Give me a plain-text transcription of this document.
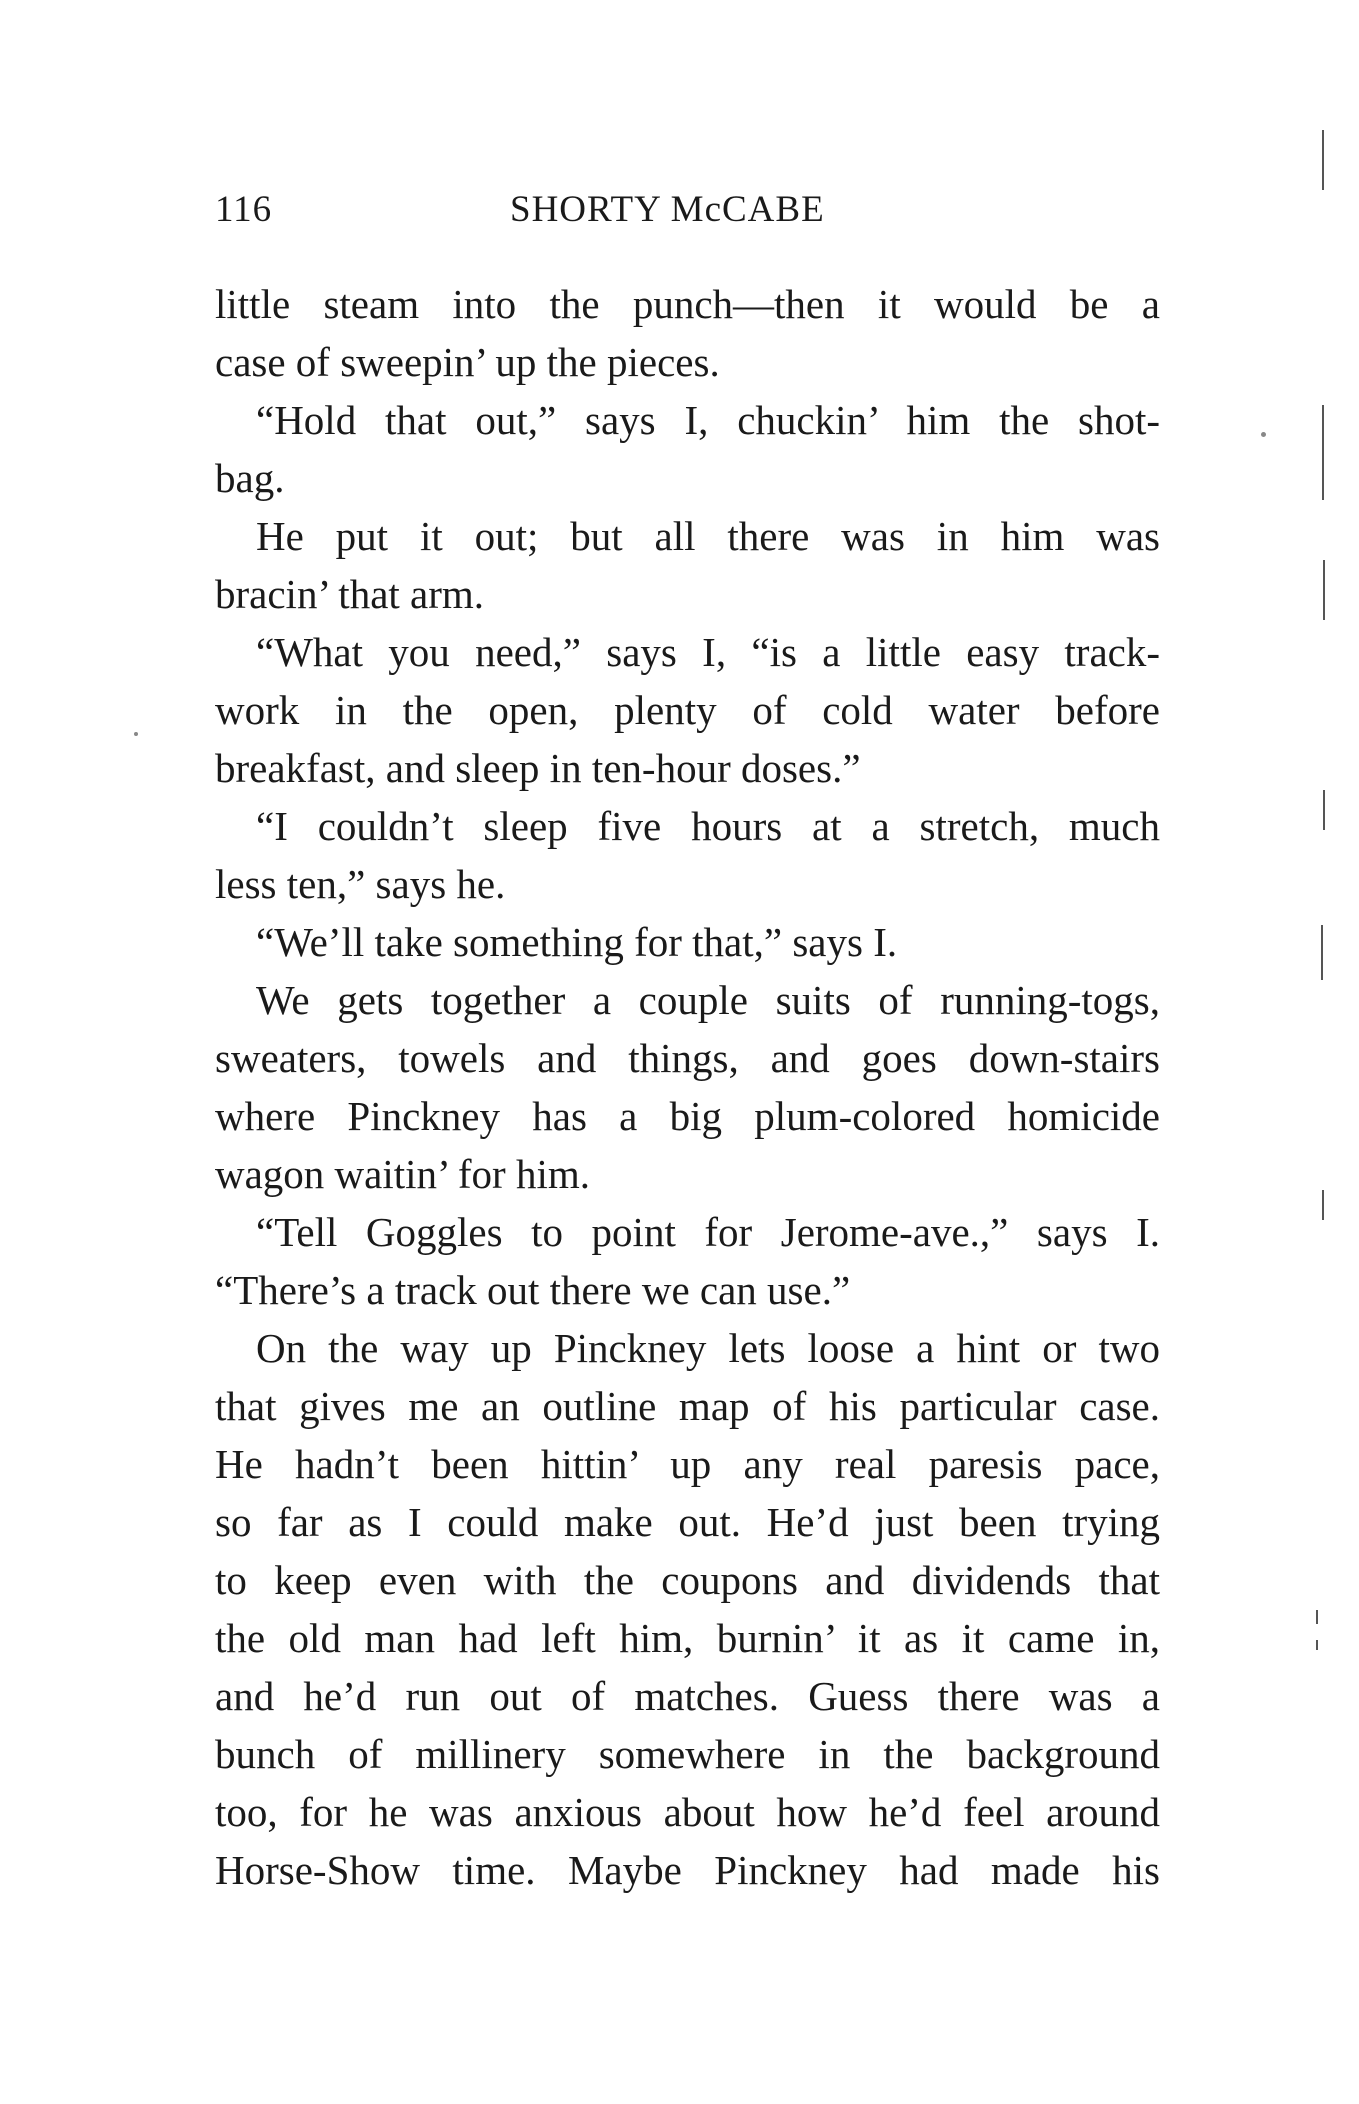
116	SHORTY McCABE
little steam into the punch—then it would be a
case of sweepin’ up the pieces.
“Hold that out,” says I, chuckin’ him the shot-
bag.
He put it out; but all there was in him was
bracin’ that arm.
“What you need,” says I, “is a little easy track-
work in the open, plenty of cold water before
breakfast, and sleep in ten-hour doses.”
“I couldn’t sleep five hours at a stretch, much
less ten,” says he.
“We’ll take something for that,” says I.
We gets together a couple suits of running-togs,
sweaters, towels and things, and goes down-stairs
where Pinckney has a big plum-colored homicide
wagon waitin’ for him.
“Tell Goggles to point for Jerome-ave.,” says I.
“There’s a track out there we can use.”
On the way up Pinckney lets loose a hint or two
that gives me an outline map of his particular case.
He hadn’t been hittin’ up any real paresis pace,
so far as I could make out. He’d just been trying
to keep even with the coupons and dividends that
the old man had left him, burnin’ it as it came in,
and he’d run out of matches. Guess there was a
bunch of millinery somewhere in the background
too, for he was anxious about how he’d feel around
Horse-Show time. Maybe Pinckney had made his
